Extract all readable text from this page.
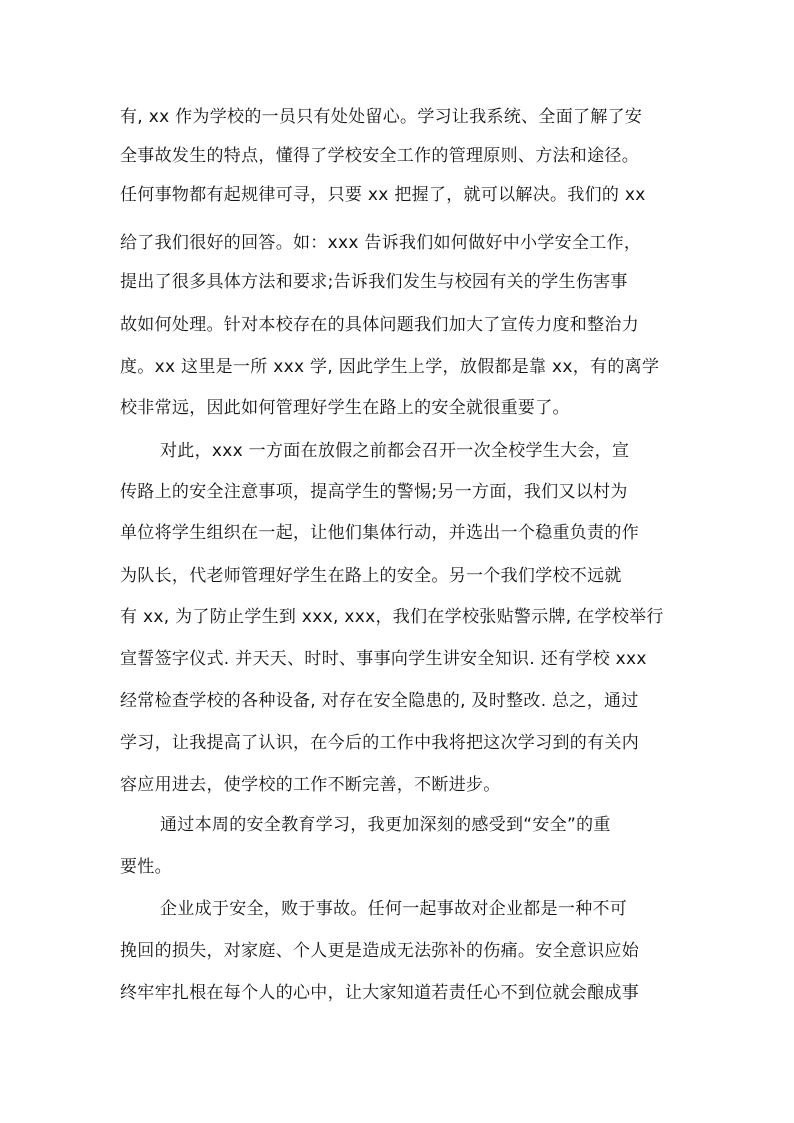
有, xx 作为学校的一员只有处处留心。学习让我系统、全面了解了安
全事故发生的特点，懂得了学校安全工作的管理原则、方法和途径。
任何事物都有起规律可寻，只要 xx 把握了，就可以解决。我们的 xx
给了我们很好的回答。如：xxx 告诉我们如何做好中小学安全工作，
提出了很多具体方法和要求;告诉我们发生与校园有关的学生伤害事
故如何处理。针对本校存在的具体问题我们加大了宣传力度和整治力
度。xx 这里是一所 xxx 学, 因此学生上学，放假都是靠 xx，有的离学
校非常远，因此如何管理好学生在路上的安全就很重要了。
对此，xxx 一方面在放假之前都会召开一次全校学生大会，宣
传路上的安全注意事项，提高学生的警惕;另一方面，我们又以村为
单位将学生组织在一起，让他们集体行动，并选出一个稳重负责的作
为队长，代老师管理好学生在路上的安全。另一个我们学校不远就
有 xx, 为了防止学生到 xxx, xxx，我们在学校张贴警示牌, 在学校举行
宣誓签字仪式. 并天天、时时、事事向学生讲安全知识. 还有学校 xxx
经常检查学校的各种设备, 对存在安全隐患的, 及时整改. 总之，通过
学习，让我提高了认识，在今后的工作中我将把这次学习到的有关内
容应用进去，使学校的工作不断完善，不断进步。
通过本周的安全教育学习，我更加深刻的感受到“安全”的重
要性。
企业成于安全，败于事故。任何一起事故对企业都是一种不可
挽回的损失，对家庭、个人更是造成无法弥补的伤痛。安全意识应始
终牢牢扎根在每个人的心中，让大家知道若责任心不到位就会酿成事
